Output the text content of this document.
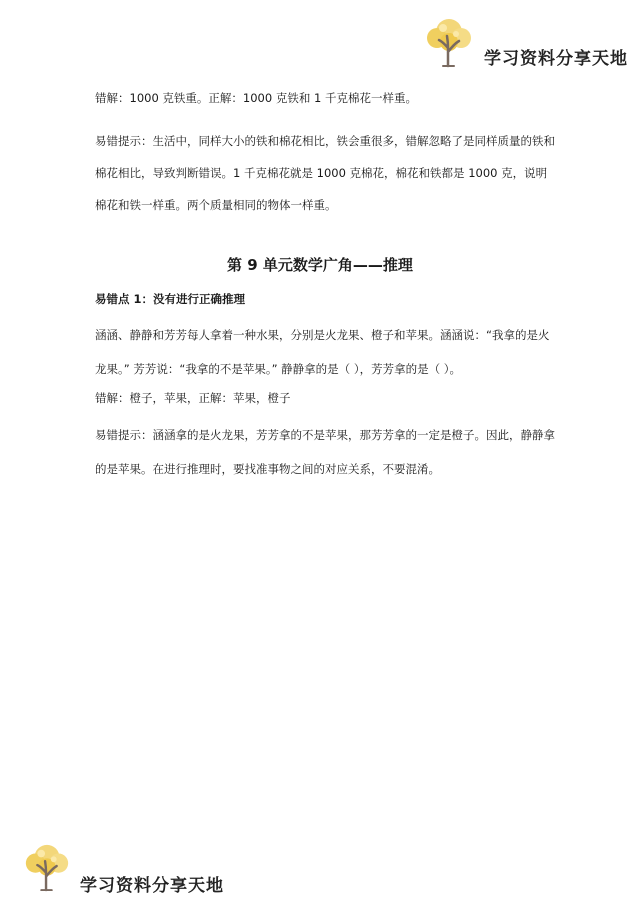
学习资料分享天地

错解：1000 克铁重。正解：1000 克铁和 1 千克棉花一样重。

易错提示：生活中，同样大小的铁和棉花相比，铁会重很多，错解忽略了是同样质量的铁和棉花相比，导致判断错误。1 千克棉花就是 1000 克棉花，棉花和铁都是 1000 克，说明棉花和铁一样重。两个质量相同的物体一样重。

第 9 单元数学广角——推理

易错点 1：没有进行正确推理

涵涵、静静和芳芳每人拿着一种水果，分别是火龙果、橙子和苹果。涵涵说：“我拿的是火龙果。” 芳芳说：“我拿的不是苹果。” 静静拿的是（ ），芳芳拿的是（ ）。

错解：橙子，苹果，正解：苹果，橙子

易错提示：涵涵拿的是火龙果，芳芳拿的不是苹果，那芳芳拿的一定是橙子。因此，静静拿的是苹果。在进行推理时，要找准事物之间的对应关系，不要混淆。

学习资料分享天地
